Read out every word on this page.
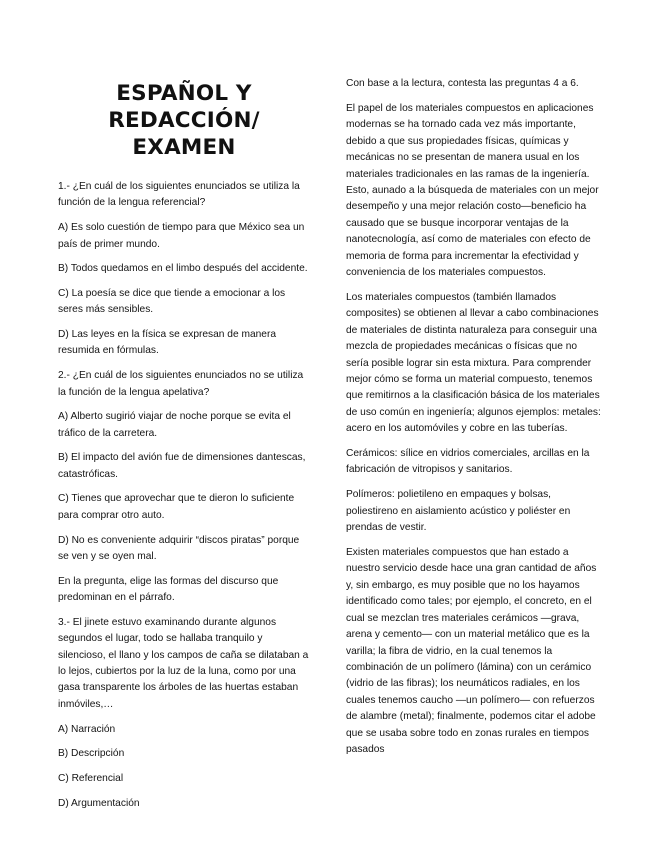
ESPAÑOL Y
REDACCIÓN/ EXAMEN

1.- ¿En cuál de los siguientes enunciados se utiliza la función de la lengua referencial?

A) Es solo cuestión de tiempo para que México sea un país de primer mundo.

B) Todos quedamos en el limbo después del accidente.

C) La poesía se dice que tiende a emocionar a los seres más sensibles.

D) Las leyes en la física se expresan de manera resumida en fórmulas.

2.- ¿En cuál de los siguientes enunciados no se utiliza la función de la lengua apelativa?

A) Alberto sugirió viajar de noche porque se evita el tráfico de la carretera.

B) El impacto del avión fue de dimensiones dantescas, catastróficas.

C) Tienes que aprovechar que te dieron lo suficiente para comprar otro auto.

D) No es conveniente adquirir “discos piratas” porque se ven y se oyen mal.

En la pregunta, elige las formas del discurso que predominan en el párrafo.

3.- El jinete estuvo examinando durante algunos segundos el lugar, todo se hallaba tranquilo y silencioso, el llano y los campos de caña se dilataban a lo lejos, cubiertos por la luz de la luna, como por una gasa transparente los árboles de las huertas estaban inmóviles,…

A) Narración

B) Descripción

C) Referencial

D) Argumentación

Con base a la lectura, contesta las preguntas 4 a 6.

El papel de los materiales compuestos en aplicaciones modernas se ha tornado cada vez más importante, debido a que sus propiedades físicas, químicas y mecánicas no se presentan de manera usual en los materiales tradicionales en las ramas de la ingeniería. Esto, aunado a la búsqueda de materiales con un mejor desempeño y una mejor relación costo—beneficio ha causado que se busque incorporar ventajas de la nanotecnología, así como de materiales con efecto de memoria de forma para incrementar la efectividad y conveniencia de los materiales compuestos.

Los materiales compuestos (también llamados composites) se obtienen al llevar a cabo combinaciones de materiales de distinta naturaleza para conseguir una mezcla de propiedades mecánicas o físicas que no sería posible lograr sin esta mixtura. Para comprender mejor cómo se forma un material compuesto, tenemos que remitirnos a la clasificación básica de los materiales de uso común en ingeniería; algunos ejemplos: metales: acero en los automóviles y cobre en las tuberías.

Cerámicos: sílice en vidrios comerciales, arcillas en la fabricación de vitropisos y sanitarios.

Polímeros: polietileno en empaques y bolsas, poliestireno en aislamiento acústico y poliéster en prendas de vestir.

Existen materiales compuestos que han estado a nuestro servicio desde hace una gran cantidad de años y, sin embargo, es muy posible que no los hayamos identificado como tales; por ejemplo, el concreto, en el cual se mezclan tres materiales cerámicos —grava, arena y cemento— con un material metálico que es la varilla; la fibra de vidrio, en la cual tenemos la combinación de un polímero (lámina) con un cerámico (vidrio de las fibras); los neumáticos radiales, en los cuales tenemos caucho —un polímero— con refuerzos de alambre (metal); finalmente, podemos citar el adobe que se usaba sobre todo en zonas rurales en tiempos pasados
